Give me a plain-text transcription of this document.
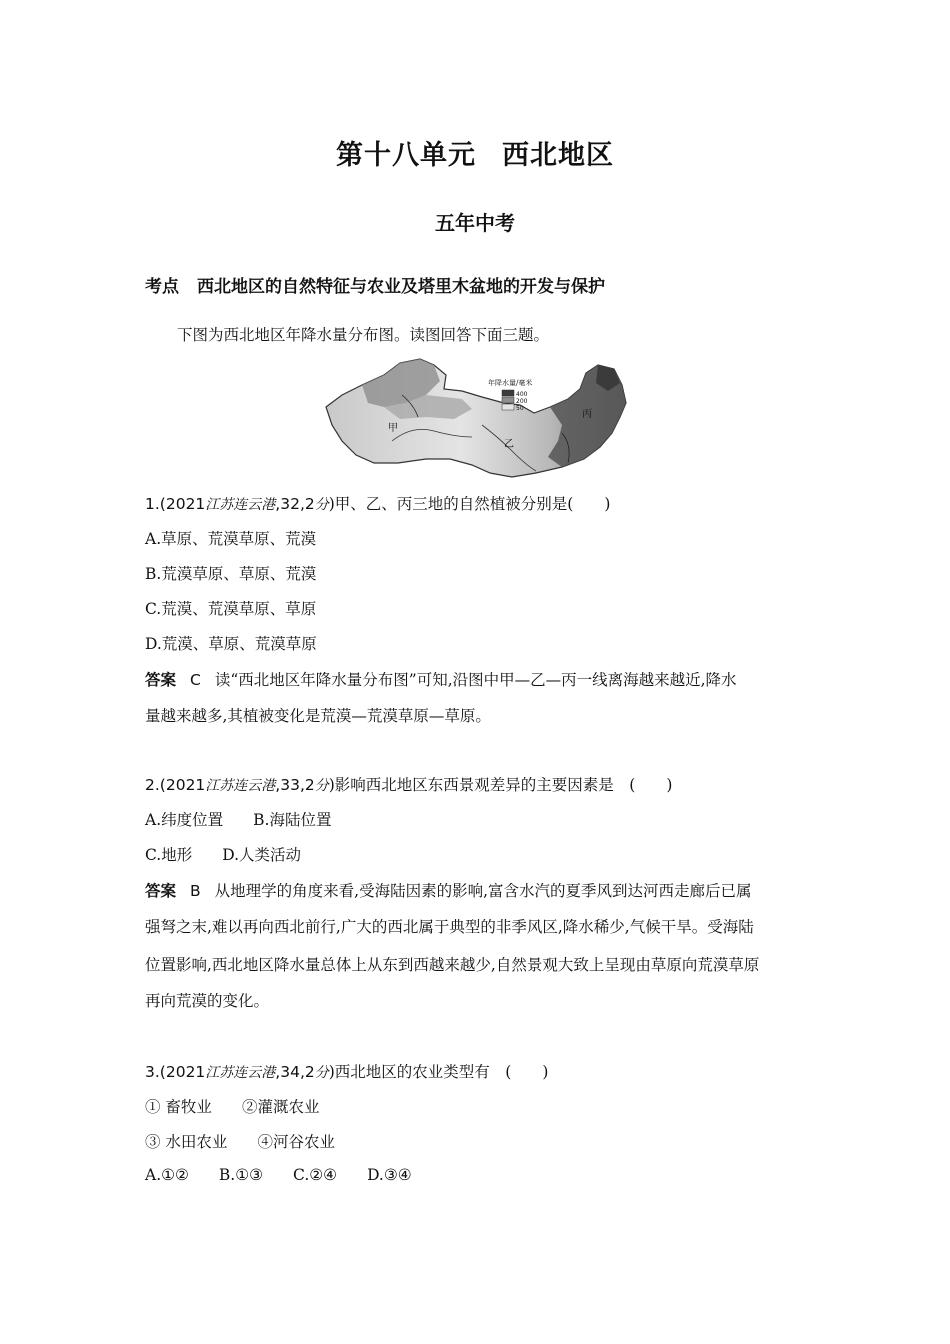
第十八单元 西北地区
五年中考
考点 西北地区的自然特征与农业及塔里木盆地的开发与保护
下图为西北地区年降水量分布图。读图回答下面三题。
甲
乙
丙
年降水量/毫米
400
200
50
1.(2021江苏连云港,32,2分)甲、乙、丙三地的自然植被分别是(　　)
A.草原、荒漠草原、荒漠
B.荒漠草原、草原、荒漠
C.荒漠、荒漠草原、草原
D.荒漠、草原、荒漠草原
答案 C 读“西北地区年降水量分布图”可知,沿图中甲—乙—丙一线离海越来越近,降水
量越来越多,其植被变化是荒漠—荒漠草原—草原。
2.(2021江苏连云港,33,2分)影响西北地区东西景观差异的主要因素是　(　　)
A.纬度位置 B.海陆位置
C.地形 D.人类活动
答案 B 从地理学的角度来看,受海陆因素的影响,富含水汽的夏季风到达河西走廊后已属
强弩之末,难以再向西北前行,广大的西北属于典型的非季风区,降水稀少,气候干旱。受海陆
位置影响,西北地区降水量总体上从东到西越来越少,自然景观大致上呈现由草原向荒漠草原
再向荒漠的变化。
3.(2021江苏连云港,34,2分)西北地区的农业类型有　(　　)
① 畜牧业 ②灌溉农业
③ 水田农业 ④河谷农业
A.①② B.①③ C.②④ D.③④
